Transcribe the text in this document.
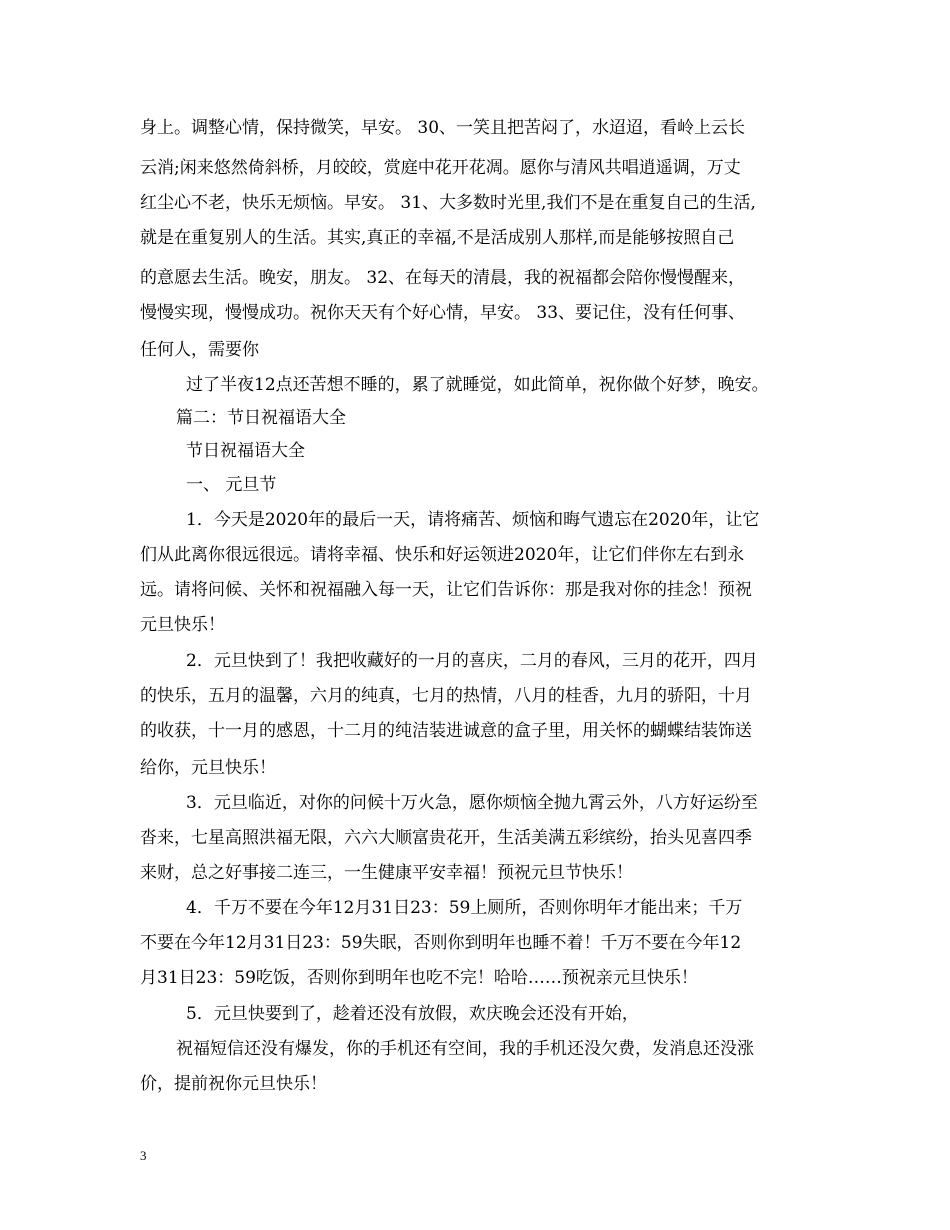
身上。调整心情，保持微笑，早安。 30、一笑且把苦闷了，水迢迢，看岭上云长
云消;闲来悠然倚斜桥，月皎皎，赏庭中花开花凋。愿你与清风共唱逍遥调，万丈
红尘心不老，快乐无烦恼。早安。 31、大多数时光里,我们不是在重复自己的生活,
就是在重复别人的生活。其实,真正的幸福,不是活成别人那样,而是能够按照自己
的意愿去生活。晚安，朋友。 32、在每天的清晨，我的祝福都会陪你慢慢醒来，
慢慢实现，慢慢成功。祝你天天有个好心情，早安。 33、要记住，没有任何事、
任何人，需要你
过了半夜12点还苦想不睡的，累了就睡觉，如此简单，祝你做个好梦，晚安。
篇二：节日祝福语大全
节日祝福语大全
一、 元旦节
1．今天是2020年的最后一天，请将痛苦、烦恼和晦气遗忘在2020年，让它
们从此离你很远很远。请将幸福、快乐和好运领进2020年，让它们伴你左右到永
远。请将问候、关怀和祝福融入每一天，让它们告诉你：那是我对你的挂念！预祝
元旦快乐！
2．元旦快到了！我把收藏好的一月的喜庆，二月的春风，三月的花开，四月
的快乐，五月的温馨，六月的纯真，七月的热情，八月的桂香，九月的骄阳，十月
的收获，十一月的感恩，十二月的纯洁装进诚意的盒子里，用关怀的蝴蝶结装饰送
给你，元旦快乐！
3．元旦临近，对你的问候十万火急，愿你烦恼全抛九霄云外，八方好运纷至
沓来，七星高照洪福无限，六六大顺富贵花开，生活美满五彩缤纷，抬头见喜四季
来财，总之好事接二连三，一生健康平安幸福！预祝元旦节快乐！
4．千万不要在今年12月31日23：59上厕所，否则你明年才能出来；千万
不要在今年12月31日23：59失眠，否则你到明年也睡不着！千万不要在今年12
月31日23：59吃饭，否则你到明年也吃不完！哈哈……预祝亲元旦快乐！
5．元旦快要到了，趁着还没有放假，欢庆晚会还没有开始，
祝福短信还没有爆发，你的手机还有空间，我的手机还没欠费，发消息还没涨
价，提前祝你元旦快乐！
3
